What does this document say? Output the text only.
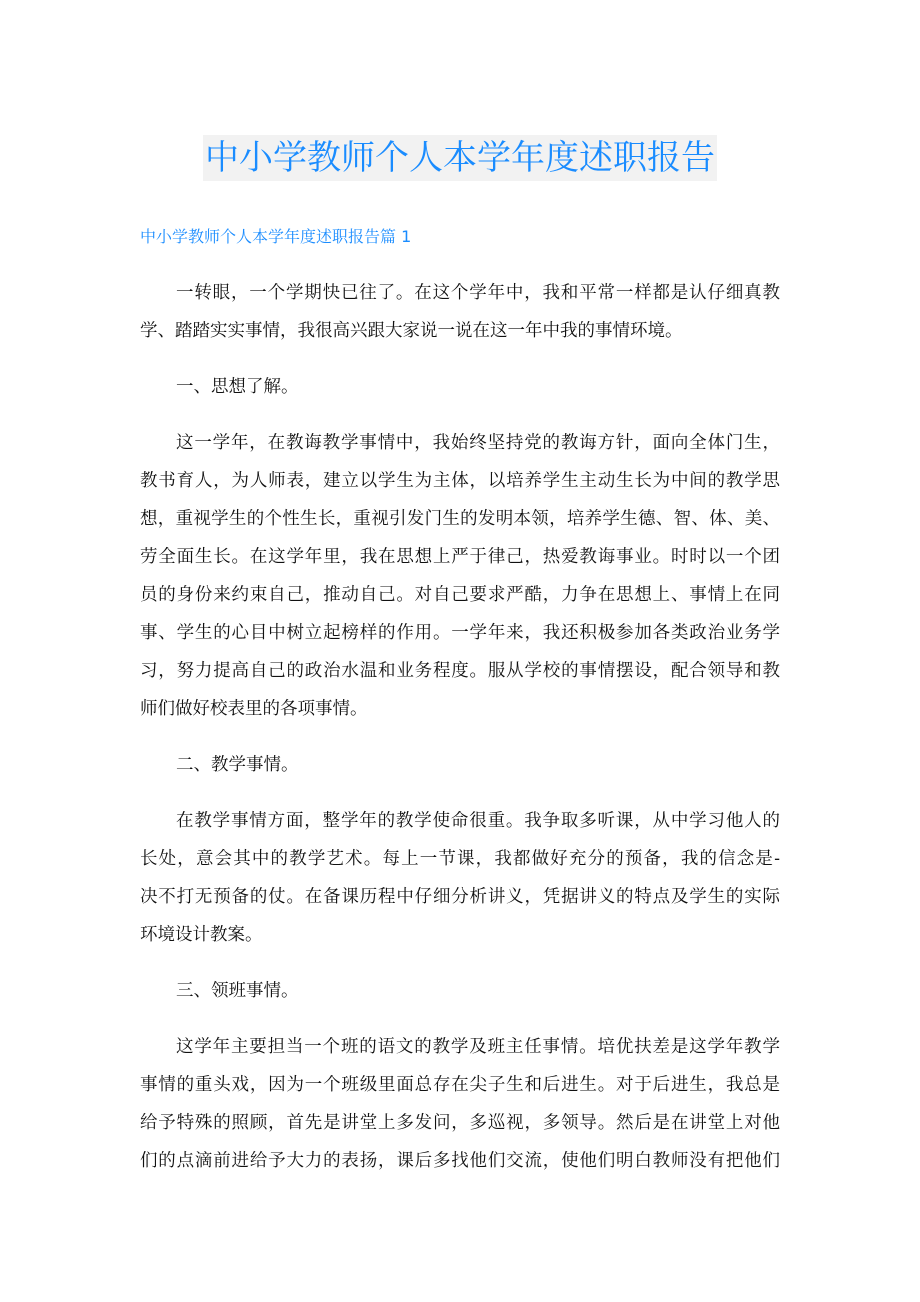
中小学教师个人本学年度述职报告
中小学教师个人本学年度述职报告篇 1
一转眼，一个学期快已往了。在这个学年中，我和平常一样都是认仔细真教
学、踏踏实实事情，我很高兴跟大家说一说在这一年中我的事情环境。
一、思想了解。
这一学年，在教诲教学事情中，我始终坚持党的教诲方针，面向全体门生，
教书育人，为人师表，建立以学生为主体，以培养学生主动生长为中间的教学思
想，重视学生的个性生长，重视引发门生的发明本领，培养学生德、智、体、美、
劳全面生长。在这学年里，我在思想上严于律己，热爱教诲事业。时时以一个团
员的身份来约束自己，推动自己。对自己要求严酷，力争在思想上、事情上在同
事、学生的心目中树立起榜样的作用。一学年来，我还积极参加各类政治业务学
习，努力提高自己的政治水温和业务程度。服从学校的事情摆设，配合领导和教
师们做好校表里的各项事情。
二、教学事情。
在教学事情方面，整学年的教学使命很重。我争取多听课，从中学习他人的
长处，意会其中的教学艺术。每上一节课，我都做好充分的预备，我的信念是-
决不打无预备的仗。在备课历程中仔细分析讲义，凭据讲义的特点及学生的实际
环境设计教案。
三、领班事情。
这学年主要担当一个班的语文的教学及班主任事情。培优扶差是这学年教学
事情的重头戏，因为一个班级里面总存在尖子生和后进生。对于后进生，我总是
给予特殊的照顾，首先是讲堂上多发问，多巡视，多领导。然后是在讲堂上对他
们的点滴前进给予大力的表扬，课后多找他们交流，使他们明白教师没有把他们
